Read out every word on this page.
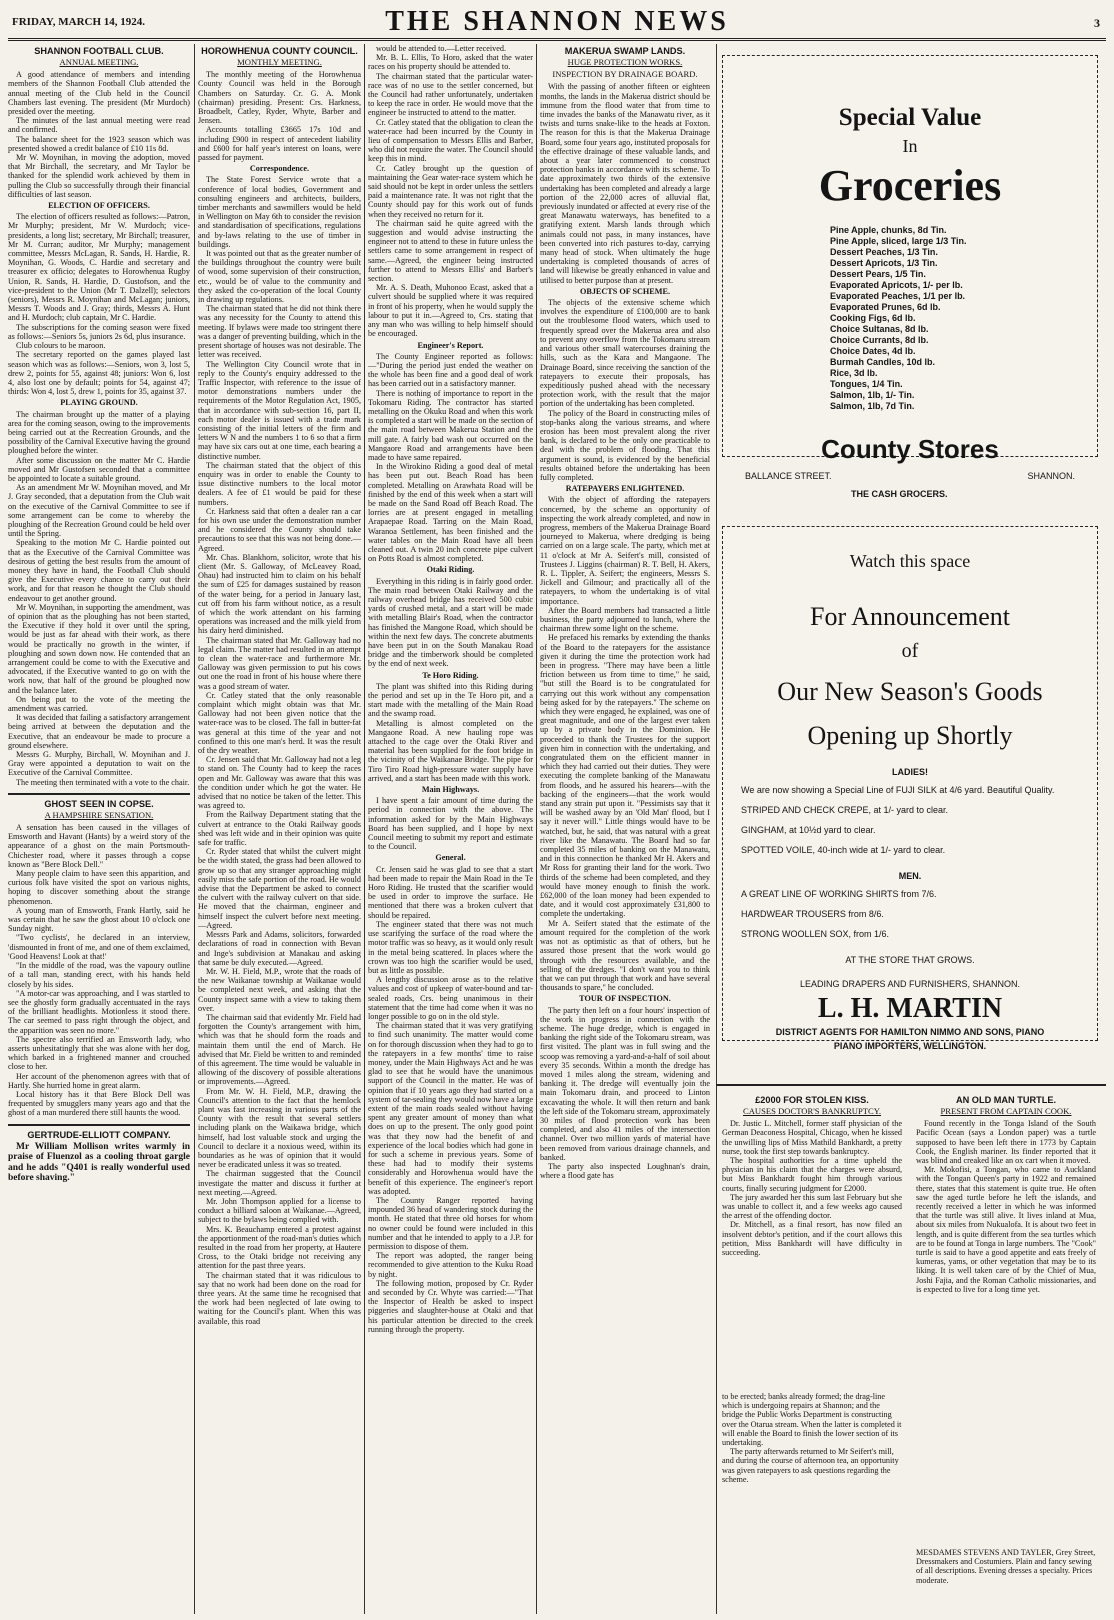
FRIDAY, MARCH 14, 1924.	THE SHANNON NEWS	3
SHANNON FOOTBALL CLUB.
ANNUAL MEETING.

A good attendance of members and intending members of the Shannon Football Club attended the annual meeting of the Club held in the Council Chambers last evening. The president (Mr Murdoch) presided over the meeting.

The minutes of the last annual meeting were read and confirmed.

The balance sheet for the 1923 season which was presented showed a credit balance of £10 11s 8d.

Mr W. Moynihan, in moving the adoption, moved that Mr Birchall, the secretary, and Mr Taylor be thanked for the splendid work achieved by them in pulling the Club so successfully through their financial difficulties of last season.

ELECTION OF OFFICERS.

The election of officers resulted as follows:—Patron, Mr Murphy; president, Mr W. Murdoch; vice-presidents, a long list; secretary, Mr Birchall; treasurer, Mr M. Curran; auditor, Mr Murphy; management committee, Messrs McLagan, R. Sands, H. Hardie, R. Moynihan, G. Woods, C. Hardie and secretary and treasurer ex officio; delegates to Horowhenua Rugby Union, R. Sands, H. Hardie, D. Gustofson, and the vice-president to the Union (Mr T. Dalzell); selectors (seniors), Messrs R. Moynihan and McLagan; juniors, Messrs T. Woods and J. Gray; thirds, Messrs A. Hunt and H. Murdoch; club captain, Mr C. Hardie.

The subscriptions for the coming season were fixed as follows:—Seniors 5s, juniors 2s 6d, plus insurance.

Club colours to be maroon.

The secretary reported on the games played last season which was as follows:—Seniors, won 3, lost 5, drew 2, points for 55, against 48; juniors: Won 6, lost 4, also lost one by default; points for 54, against 47; thirds: Won 4, lost 5, drew 1, points for 35, against 37.

PLAYING GROUND.

The chairman brought up the matter of a playing area for the coming season, owing to the improvements being carried out at the Recreation Grounds, and the possibility of the Carnival Executive having the ground ploughed before the winter.

After some discussion on the matter Mr C. Hardie moved and Mr Gustofsen seconded that a committee be appointed to locate a suitable ground.

As an amendment Mr W. Moynihan moved, and Mr J. Gray seconded, that a deputation from the Club wait on the executive of the Carnival Committee to see if some arrangement can be come to whereby the ploughing of the Recreation Ground could be held over until the Spring.

Speaking to the motion Mr C. Hardie pointed out that as the Executive of the Carnival Committee was desirous of getting the best results from the amount of money they have in hand, the Football Club should give the Executive every chance to carry out their work, and for that reason he thought the Club should endeavour to get another ground.

Mr W. Moynihan, in supporting the amendment, was of opinion that as the ploughing has not been started, the Executive if they hold it over until the spring, would be just as far ahead with their work, as there would be practically no growth in the winter, if ploughing and sown down now. He contended that an arrangement could be come to with the Executive and advocated, if the Executive wanted to go on with the work now, that half of the ground be ploughed now and the balance later.

On being put to the vote of the meeting the amendment was carried.

It was decided that failing a satisfactory arrangement being arrived at between the deputation and the Executive, that an endeavour be made to procure a ground elsewhere.

Messrs G. Murphy, Birchall, W. Moynihan and J. Gray were appointed a deputation to wait on the Executive of the Carnival Committee.

The meeting then terminated with a vote to the chair.

GHOST SEEN IN COPSE.
A HAMPSHIRE SENSATION.

A sensation has been caused in the villages of Emsworth and Havant (Hants) by a weird story of the appearance of a ghost on the main Portsmouth-Chichester road, where it passes through a copse known as "Bere Block Dell."

Many people claim to have seen this apparition, and curious folk have visited the spot on various nights, hoping to discover something about the strange phenomenon.

A young man of Emsworth, Frank Hartly, said he was certain that he saw the ghost about 10 o'clock one Sunday night.

"Two cyclists', he declared in an interview, 'dismounted in front of me, and one of them exclaimed, 'Good Heavens! Look at that!'

"In the middle of the road, was the vapoury outline of a tall man, standing erect, with his hands held closely by his sides.

"A motor-car was approaching, and I was startled to see the ghostly form gradually accentuated in the rays of the brilliant headlights. Motionless it stood there. The car seemed to pass right through the object, and the apparition was seen no more."

The spectre also terrified an Emsworth lady, who asserts unhesitatingly that she was alone with her dog, which barked in a frightened manner and crouched close to her.

Her account of the phenomenon agrees with that of Hartly. She hurried home in great alarm.

Local history has it that Bere Block Dell was frequented by smugglers many years ago and that the ghost of a man murdered there still haunts the wood.

GERTRUDE-ELLIOTT COMPANY.

Mr William Mollison writes warmly in praise of Fluenzol as a cooling throat gargle and he adds "Q401 is really wonderful used before shaving."

HOROWHENUA COUNTY COUNCIL.
MONTHLY MEETING.

The monthly meeting of the Horowhenua County Council was held in the Borough Chambers on Saturday. Cr. G. A. Monk (chairman) presiding. Present: Crs. Harkness, Broadbelt, Catley, Ryder, Whyte, Barber and Jensen.

Accounts totalling £3665 17s 10d and including £900 in respect of antecedent liability and £600 for half year's interest on loans, were passed for payment.

Correspondence.

The State Forest Service wrote that a conference of local bodies, Government and consulting engineers and architects, builders, timber merchants and sawmillers would be held in Wellington on May 6th to consider the revision and standardisation of specifications, regulations and by-laws relating to the use of timber in buildings.

It was pointed out that as the greater number of the buildings throughout the country were built of wood, some supervision of their construction, etc., would be of value to the community and they asked the co-operation of the local County in drawing up regulations.

The chairman stated that he did not think there was any necessity for the County to attend this meeting. If bylaws were made too stringent there was a danger of preventing building, which in the present shortage of houses was not desirable. The letter was received.

The Wellington City Council wrote that in reply to the County's enquiry addressed to the Traffic Inspector, with reference to the issue of motor demonstrations numbers under the requirements of the Motor Regulation Act, 1905, that in accordance with sub-section 16, part II, each motor dealer is issued with a trade mark consisting of the initial letters of the firm and letters W N and the numbers 1 to 6 so that a firm may have six cars out at one time, each bearing a distinctive number.

The chairman stated that the object of this enquiry was in order to enable the County to issue distinctive numbers to the local motor dealers. A fee of £1 would be paid for these numbers.

Cr. Harkness said that often a dealer ran a car for his own use under the demonstration number and he considered the County should take precautions to see that this was not being done.—Agreed.

Mr. Chas. Blankhorn, solicitor, wrote that his client (Mr. S. Galloway, of McLeavey Road, Ohau) had instructed him to claim on his behalf the sum of £25 for damages sustained by reason of the water being, for a period in January last, cut off from his farm without notice, as a result of which the work attendant on his farming operations was increased and the milk yield from his dairy herd diminished.

The chairman stated that Mr. Galloway had no legal claim. The matter had resulted in an attempt to clean the water-race and furthermore Mr. Galloway was given permission to put his cows out one the road in front of his house where there was a good stream of water.

Cr. Catley stated that the only reasonable complaint which might obtain was that Mr. Galloway had not been given notice that the water-race was to be closed. The fall in butter-fat was general at this time of the year and not confined to this one man's herd. It was the result of the dry weather.

Cr. Jensen said that Mr. Galloway had not a leg to stand on. The County had to keep the races open and Mr. Galloway was aware that this was the condition under which he got the water. He advised that no notice be taken of the letter. This was agreed to.

From the Railway Department stating that the culvert at entrance to the Otaki Railway goods shed was left wide and in their opinion was quite safe for traffic.

Cr. Ryder stated that whilst the culvert might be the width stated, the grass had been allowed to grow up so that any stranger approaching might easily miss the safe portion of the road. He would advise that the Department be asked to connect the culvert with the railway culvert on that side. He moved that the chairman, engineer and himself inspect the culvert before next meeting.—Agreed.

Messrs Park and Adams, solicitors, forwarded declarations of road in connection with Bevan and Inge's subdivision at Manakau and asking that same be duly executed.—Agreed.

Mr. W. H. Field, M.P., wrote that the roads of the new Waikanae township at Waikanae would be completed next week, and asking that the County inspect same with a view to taking them over.

The chairman said that evidently Mr. Field had forgotten the County's arrangement with him, which was that he should form the roads and maintain them until the end of March. He advised that Mr. Field be written to and reminded of this agreement. The time would be valuable in allowing of the discovery of possible alterations or improvements.—Agreed.

From Mr. W. H. Field, M.P., drawing the Council's attention to the fact that the hemlock plant was fast increasing in various parts of the County with the result that several settlers including plank on the Waikawa bridge, which himself, had lost valuable stock and urging the Council to declare it a noxious weed, within its boundaries as he was of opinion that it would never be eradicated unless it was so treated.

The chairman suggested that the Council investigate the matter and discuss it further at next meeting.—Agreed.

Mr. John Thompson applied for a license to conduct a billiard saloon at Waikanae.—Agreed, subject to the bylaws being complied with.

Mrs. K. Beauchamp entered a protest against the apportionment of the road-man's duties which resulted in the road from her property, at Hautere Cross, to the Otaki bridge not receiving any attention for the past three years.

The chairman stated that it was ridiculous to say that no work had been done on the road for three years. At the same time he recognised that the work had been neglected of late owing to waiting for the Council's plant. When this was available, this road

would be attended to.—Letter received.

Mr. B. L. Ellis, To Horo, asked that the water races on his property should be attended to.

The chairman stated that the particular water-race was of no use to the settler concerned, but the Council had rather unfortunately, undertaken to keep the race in order. He would move that the engineer be instructed to attend to the matter.

Cr. Catley stated that the obligation to clean the water-race had been incurred by the County in lieu of compensation to Messrs Ellis and Barber, who did not require the water. The Council should keep this in mind.

Cr. Catley brought up the question of maintaining the Gear water-race system which he said should not be kept in order unless the settlers paid a maintenance rate. It was not right that the County should pay for this work out of funds when they received no return for it.

The chairman said he quite agreed with the suggestion and would advise instructing the engineer not to attend to these in future unless the settlers came to some arrangement in respect of same.—Agreed, the engineer being instructed further to attend to Messrs Ellis' and Barber's section.

Mr. A. S. Death, Muhonoo Ecast, asked that a culvert should be supplied where it was required in front of his property, when he would supply the labour to put it in.—Agreed to, Crs. stating that any man who was willing to help himself should be encouraged.

Engineer's Report.

The County Engineer reported as follows:—"During the period just ended the weather on the whole has been fine and a good deal of work has been carried out in a satisfactory manner.

There is nothing of importance to report in the Tokomaru Riding. The contractor has started metalling on the Okuku Road and when this work is completed a start will be made on the section of the main road between Makerua Station and the mill gate. A fairly bad wash out occurred on the Mangaore Road and arrangements have been made to have same repaired.

In the Wirokino Riding a good deal of metal has been put out. Beach Road has been completed. Metalling on Arawhata Road will be finished by the end of this week when a start will be made on the Sand Road off Beach Road. The lorries are at present engaged in metalling Arapaepae Road. Tarring on the Main Road, Waranoa Settlement, has been finished and the water tables on the Main Road have all been cleaned out. A twin 20 inch concrete pipe culvert on Potts Road is almost completed.

Otaki Riding.

Everything in this riding is in fairly good order. The main road between Otaki Railway and the railway overhead bridge has received 500 cubic yards of crushed metal, and a start will be made with metalling Blair's Road, when the contractor has finished the Mangone Road, which should be within the next few days. The concrete abutments have been put in on the South Manakau Road bridge and the timberwork should be completed by the end of next week.

Te Horo Riding.

The plant was shifted into this Riding during the period and set up in the Te Horo pit, and a start made with the metalling of the Main Road and the swamp road.

Metalling is almost completed on the Mangaone Road. A new hauling rope was attached to the cage over the Otaki River and material has been supplied for the foot bridge in the vicinity of the Waikanae Bridge. The pipe for Tiro Tiro Road high-pressure water supply have arrived, and a start has been made with this work.

Main Highways.

I have spent a fair amount of time during the period in connection with the above. The information asked for by the Main Highways Board has been supplied, and I hope by next Council meeting to submit my report and estimate to the Council.

General.

Cr. Jensen said he was glad to see that a start had been made to repair the Main Road in the Te Horo Riding. He trusted that the scarifier would be used in order to improve the surface. He mentioned that there was a broken culvert that should be repaired.

The engineer stated that there was not much use scarifying the surface of the road where the motor traffic was so heavy, as it would only result in the metal being scattered. In places where the crown was too high the scarifier would be used, but as little as possible.

A lengthy discussion arose as to the relative values and cost of upkeep of water-bound and tar-sealed roads, Crs. being unanimous in their statement that the time had come when it was no longer possible to go on in the old style.

The chairman stated that it was very gratifying to find such unanimity. The matter would come on for thorough discussion when they had to go to the ratepayers in a few months' time to raise money, under the Main Highways Act and he was glad to see that he would have the unanimous support of the Council in the matter. He was of opinion that if 10 years ago they had started on a system of tar-sealing they would now have a large extent of the main roads sealed without having spent any greater amount of money than what does on up to the present. The only good point was that they now had the benefit of and experience of the local bodies which had gone in for such a scheme in previous years. Some of these had had to modify their systems considerably and Horowhenua would have the benefit of this experience. The engineer's report was adopted.

The County Ranger reported having impounded 36 head of wandering stock during the month. He stated that three old horses for whom no owner could be found were included in this number and that he intended to apply to a J.P. for permission to dispose of them.

The report was adopted, the ranger being recommended to give attention to the Kuku Road by night.

The following motion, proposed by Cr. Ryder and seconded by Cr. Whyte was carried:—"That the Inspector of Health be asked to inspect piggeries and slaughter-house at Otaki and that his particular attention be directed to the creek running through the property.

MAKERUA SWAMP LANDS.
HUGE PROTECTION WORKS.
INSPECTION BY DRAINAGE BOARD.

With the passing of another fifteen or eighteen months, the lands in the Makerua district should be immune from the flood water that from time to time invades the banks of the Manawatu river, as it twists and turns snake-like to the heads at Foxton. The reason for this is that the Makerua Drainage Board, some four years ago, instituted proposals for the effective drainage of these valuable lands, and about a year later commenced to construct protection banks in accordance with its scheme. To date approximately two thirds of the extensive undertaking has been completed and already a large portion of the 22,000 acres of alluvial flat, previously inundated or affected at every rise of the great Manawatu waterways, has benefited to a gratifying extent. Marsh lands through which animals could not pass, in many instances, have been converted into rich pastures to-day, carrying many head of stock. When ultimately the huge undertaking is completed thousands of acres of land will likewise be greatly enhanced in value and utilised to better purpose than at present.

OBJECTS OF SCHEME.

The objects of the extensive scheme which involves the expenditure of £100,000 are to bank out the troublesome flood waters, which used to frequently spread over the Makerua area and also to prevent any overflow from the Tokomaru stream and various other small watercourses draining the hills, such as the Kara and Mangaone. The Drainage Board, since receiving the sanction of the ratepayers to execute their proposals, has expeditiously pushed ahead with the necessary protection work, with the result that the major portion of the undertaking has been completed.

The policy of the Board in constructing miles of stop-banks along the various streams, and where erosion has been most prevalent along the river bank, is declared to be the only one practicable to deal with the problem of flooding. That this argument is sound, is evidenced by the beneficial results obtained before the undertaking has been fully completed.

RATEPAYERS ENLIGHTENED.

With the object of affording the ratepayers concerned, by the scheme an opportunity of inspecting the work already completed, and now in progress, members of the Makerua Drainage Board journeyed to Makerua, where dredging is being carried on on a large scale. The party, which met at 11 o'clock at Mr A. Seifert's mill, consisted of Trustees J. Liggins (chairman) R. T. Bell, H. Akers, R. L. Tippler, A. Seifert; the engineers, Messrs S. Jickell and Gilmour; and practically all of the ratepayers, to whom the undertaking is of vital importance.

After the Board members had transacted a little business, the party adjourned to lunch, where the chairman threw some light on the scheme.

He prefaced his remarks by extending the thanks of the Board to the ratepayers for the assistance given it during the time the protection work had been in progress. "There may have been a little friction between us from time to time," he said, "but still the Board is to be congratulated for carrying out this work without any compensation being asked for by the ratepayers." The scheme on which they were engaged, he explained, was one of great magnitude, and one of the largest ever taken up by a private body in the Dominion. He proceeded to thank the Trustees for the support given him in connection with the undertaking, and congratulated them on the efficient manner in which they had carried out their duties. They were executing the complete banking of the Manawatu from floods, and he assured his hearers—with the backing of the engineers—that the work would stand any strain put upon it. "Pessimists say that it will be washed away by an 'Old Man' flood, but I say it never will." Little things would have to be watched, but, he said, that was natural with a great river like the Manawatu. The Board had so far completed 35 miles of banking on the Manawatu, and in this connection he thanked Mr H. Akers and Mr Ross for granting their land for the work. Two thirds of the scheme had been completed, and they would have money enough to finish the work. £62,000 of the loan money had been expended to date, and it would cost approximately £31,800 to complete the undertaking.

Mr A. Seifert stated that the estimate of the amount required for the completion of the work was not as optimistic as that of others, but he assured those present that the work would go through with the resources available, and the selling of the dredges. "I don't want you to think that we can put through that work and have several thousands to spare," he concluded.

TOUR OF INSPECTION.

The party then left on a four hours' inspection of the work in progress in connection with the scheme. The huge dredge, which is engaged in banking the right side of the Tokomaru stream, was first visited. The plant was in full swing and the scoop was removing a yard-and-a-half of soil about every 35 seconds. Within a month the dredge has moved 1 miles along the stream, widening and banking it. The dredge will eventually join the main Tokomaru drain, and proceed to Linton excavating the whole. It will then return and bank the left side of the Tokomaru stream, approximately 30 miles of flood protection work has been completed, and also 41 miles of the intersection channel. Over two million yards of material have been removed from various drainage channels, and banked.

The party also inspected Loughnan's drain, where a flood gate has

Special Value
In
Groceries
Pine Apple, chunks, 8d Tin.
Pine Apple, sliced, large 1/3 Tin.
Dessert Peaches, 1/3 Tin.
Dessert Apricots, 1/3 Tin.
Dessert Pears, 1/5 Tin.
Evaporated Apricots, 1/- per lb.
Evaporated Peaches, 1/1 per lb.
Evaporated Prunes, 6d lb.
Cooking Figs, 6d lb.
Choice Sultanas, 8d lb.
Choice Currants, 8d lb.
Choice Dates, 4d lb.
Burmah Candles, 10d lb.
Rice, 3d lb.
Tongues, 1/4 Tin.
Salmon, 1lb, 1/- Tin.
Salmon, 1lb, 7d Tin.
County Stores
BALLANCE STREET.	SHANNON.
THE CASH GROCERS.
Watch this space
For Announcement
of
Our New Season's Goods
Opening up Shortly
LADIES!
We are now showing a Special Line of FUJI SILK at 4/6 yard. Beautiful Quality.
STRIPED AND CHECK CREPE, at 1/- yard to clear.
GINGHAM, at 10½d yard to clear.
SPOTTED VOILE, 40-inch wide at 1/- yard to clear.
MEN.
A GREAT LINE OF WORKING SHIRTS from 7/6.
HARDWEAR TROUSERS from 8/6.
STRONG WOOLLEN SOX, from 1/6.
AT THE STORE THAT GROWS.
LEADING DRAPERS AND FURNISHERS, SHANNON.
L. H. MARTIN
DISTRICT AGENTS FOR HAMILTON NIMMO AND SONS, PIANO
PIANO IMPORTERS, WELLINGTON.
£2000 FOR STOLEN KISS.
CAUSES DOCTOR'S BANKRUPTCY.

Dr. Justic L. Mitchell, former staff physician of the German Deaconess Hospital, Chicago, when he kissed the unwilling lips of Miss Mathild Bankhardt, a pretty nurse, took the first step towards bankruptcy.

The hospital authorities for a time upheld the physician in his claim that the charges were absurd, but Miss Bankhardt fought him through various courts, finally securing judgment for £2000.

The jury awarded her this sum last February but she was unable to collect it, and a few weeks ago caused the arrest of the offending doctor.

Dr. Mitchell, as a final resort, has now filed an insolvent debtor's petition, and if the court allows this petition, Miss Bankhardt will have difficulty in succeeding.

to be erected; banks already formed; the drag-line which is undergoing repairs at Shannon; and the bridge the Public Works Department is constructing over the Otarua stream. When the latter is completed it will enable the Board to finish the lower section of its undertaking.

The party afterwards returned to Mr Seifert's mill, and during the course of afternoon tea, an opportunity was given ratepayers to ask questions regarding the scheme.

AN OLD MAN TURTLE.
PRESENT FROM CAPTAIN COOK.

Found recently in the Tonga Island of the South Pacific Ocean (says a London paper) was a turtle supposed to have been left there in 1773 by Captain Cook, the English mariner. Its finder reported that it was blind and creaked like an ox cart when it moved.

Mr. Mokofisi, a Tongan, who came to Auckland with the Tongan Queen's party in 1922 and remained there, states that this statement is quite true. He often saw the aged turtle before he left the islands, and recently received a letter in which he was informed that the turtle was still alive. It lives inland at Mua, about six miles from Nukualofa. It is about two feet in length, and is quite different from the sea turtles which are to be found at Tonga in large numbers. The "Cook" turtle is said to have a good appetite and eats freely of kumeras, yams, or other vegetation that may be to its liking. It is well taken care of by the Chief of Mua, Joshi Fajia, and the Roman Catholic missionaries, and is expected to live for a long time yet.

MESDAMES STEVENS AND TAYLER, Grey Street, Dressmakers and Costumiers. Plain and fancy sewing of all descriptions. Evening dresses a specialty. Prices moderate.
